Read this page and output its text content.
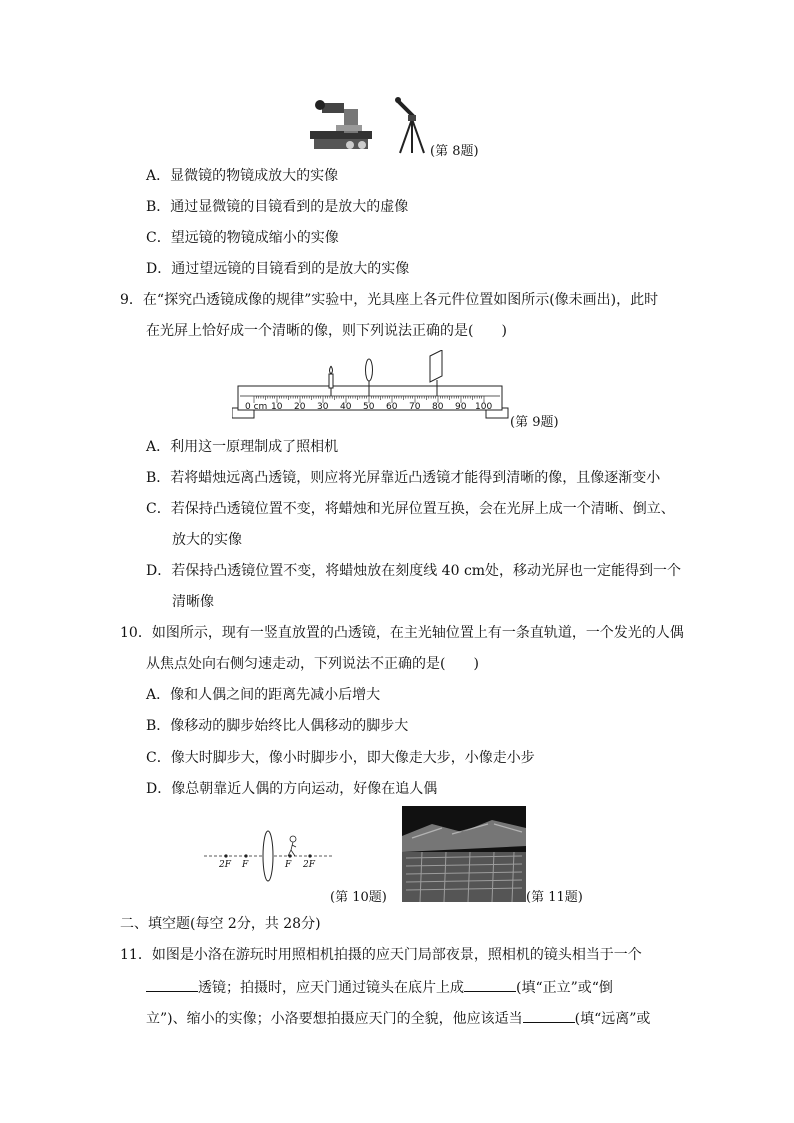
(第 8题)
A．显微镜的物镜成放大的实像
B．通过显微镜的目镜看到的是放大的虚像
C．望远镜的物镜成缩小的实像
D．通过望远镜的目镜看到的是放大的实像
9．在“探究凸透镜成像的规律”实验中，光具座上各元件位置如图所示(像未画出)，此时
在光屏上恰好成一个清晰的像，则下列说法正确的是(　　)
0 cm 10 20 30 40 50 60 70 80 90 100
(第 9题)
A．利用这一原理制成了照相机
B．若将蜡烛远离凸透镜，则应将光屏靠近凸透镜才能得到清晰的像，且像逐渐变小
C．若保持凸透镜位置不变，将蜡烛和光屏位置互换，会在光屏上成一个清晰、倒立、
放大的实像
D．若保持凸透镜位置不变，将蜡烛放在刻度线 40 cm处，移动光屏也一定能得到一个
清晰像
10．如图所示，现有一竖直放置的凸透镜，在主光轴位置上有一条直轨道，一个发光的人偶
从焦点处向右侧匀速走动，下列说法不正确的是(　　)
A．像和人偶之间的距离先减小后增大
B．像移动的脚步始终比人偶移动的脚步大
C．像大时脚步大，像小时脚步小，即大像走大步，小像走小步
D．像总朝靠近人偶的方向运动，好像在追人偶
2F F	F 2F
(第 10题)	(第 11题)
二、填空题(每空 2分，共 28分)
11．如图是小洛在游玩时用照相机拍摄的应天门局部夜景，照相机的镜头相当于一个
透镜；拍摄时，应天门通过镜头在底片上成	(填“正立”或“倒
立”)、缩小的实像；小洛要想拍摄应天门的全貌，他应该适当	(填“远离”或
